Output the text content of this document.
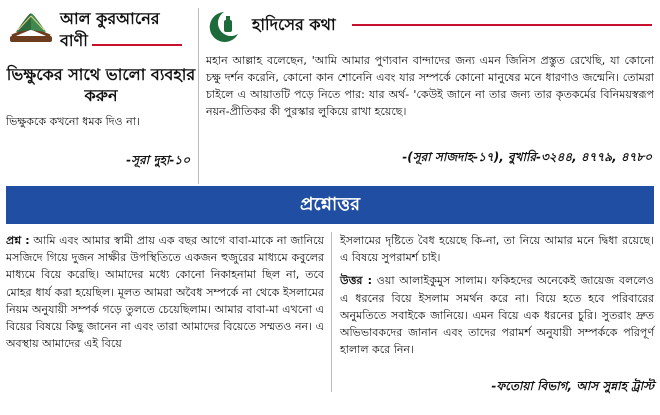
আল কুরআনের বাণী
ভিক্ষুকের সাথে ভালো ব্যবহার করুন
ভিক্ষুককে কখনো ধমক দিও না।
-সূরা দুহা-১০
হাদিসের কথা
মহান আল্লাহ বলেছেন, 'আমি আমার পুণ্যবান বান্দাদের জন্য এমন জিনিস প্রস্তুত রেখেছি, যা কোনো চক্ষু দর্শন করেনি, কোনো কান শোনেনি এবং যার সম্পর্কে কোনো মানুষের মনে ধারণাও জন্মেনি। তোমরা চাইলে এ আয়াতটি পড়ে নিতে পার: যার অর্থ- 'কেউই জানে না তার জন্য তার কৃতকর্মের বিনিময়স্বরূপ নয়ন-প্রীতিকর কী পুরস্কার লুকিয়ে রাখা হয়েছে।
-(সূরা সাজদাহ-১৭), বুখারি-৩২৪৪, ৪৭৭৯, ৪৭৮০
প্রশ্নোত্তর
প্রশ্ন : আমি এবং আমার স্বামী প্রায় এক বছর আগে বাবা-মাকে না জানিয়ে মসজিদে গিয়ে দুজন সাক্ষীর উপস্থিতিতে একজন হুজুরের মাধ্যমে কবুলের মাধ্যমে বিয়ে করেছি। আমাদের মধ্যে কোনো নিকাহনামা ছিল না, তবে মোহর ধার্য করা হয়েছিল। মূলত আমরা অবৈধ সম্পর্কে না থেকে ইসলামের নিয়ম অনুযায়ী সম্পর্ক গড়ে তুলতে চেয়েছিলাম। আমার বাবা-মা এখনো এ বিয়ের বিষয়ে কিছু জানেন না এবং তারা আমাদের বিয়েতে সম্মতও নন। এ অবস্থায় আমাদের এই বিয়ে
ইসলামের দৃষ্টিতে বৈধ হয়েছে কি-না, তা নিয়ে আমার মনে দ্বিধা রয়েছে। এ বিষয়ে সুপরামর্শ চাই।
উত্তর : ওয়া আলাইকুমুস সালাম। ফকিহদের অনেকেই জায়েজ বললেও এ ধরনের বিয়ে ইসলাম সমর্থন করে না। বিয়ে হতে হবে পরিবারের অনুমতিতে সবাইকে জানিয়ে। এমন বিয়ে এক ধরনের চুরি। সুতরাং দ্রুত অভিভাবকদের জানান এবং তাদের পরামর্শ অনুযায়ী সম্পর্ককে পরিপূর্ণ হালাল করে নিন।
-ফতোয়া বিভাগ, আস সুন্নাহ ট্রাস্ট
